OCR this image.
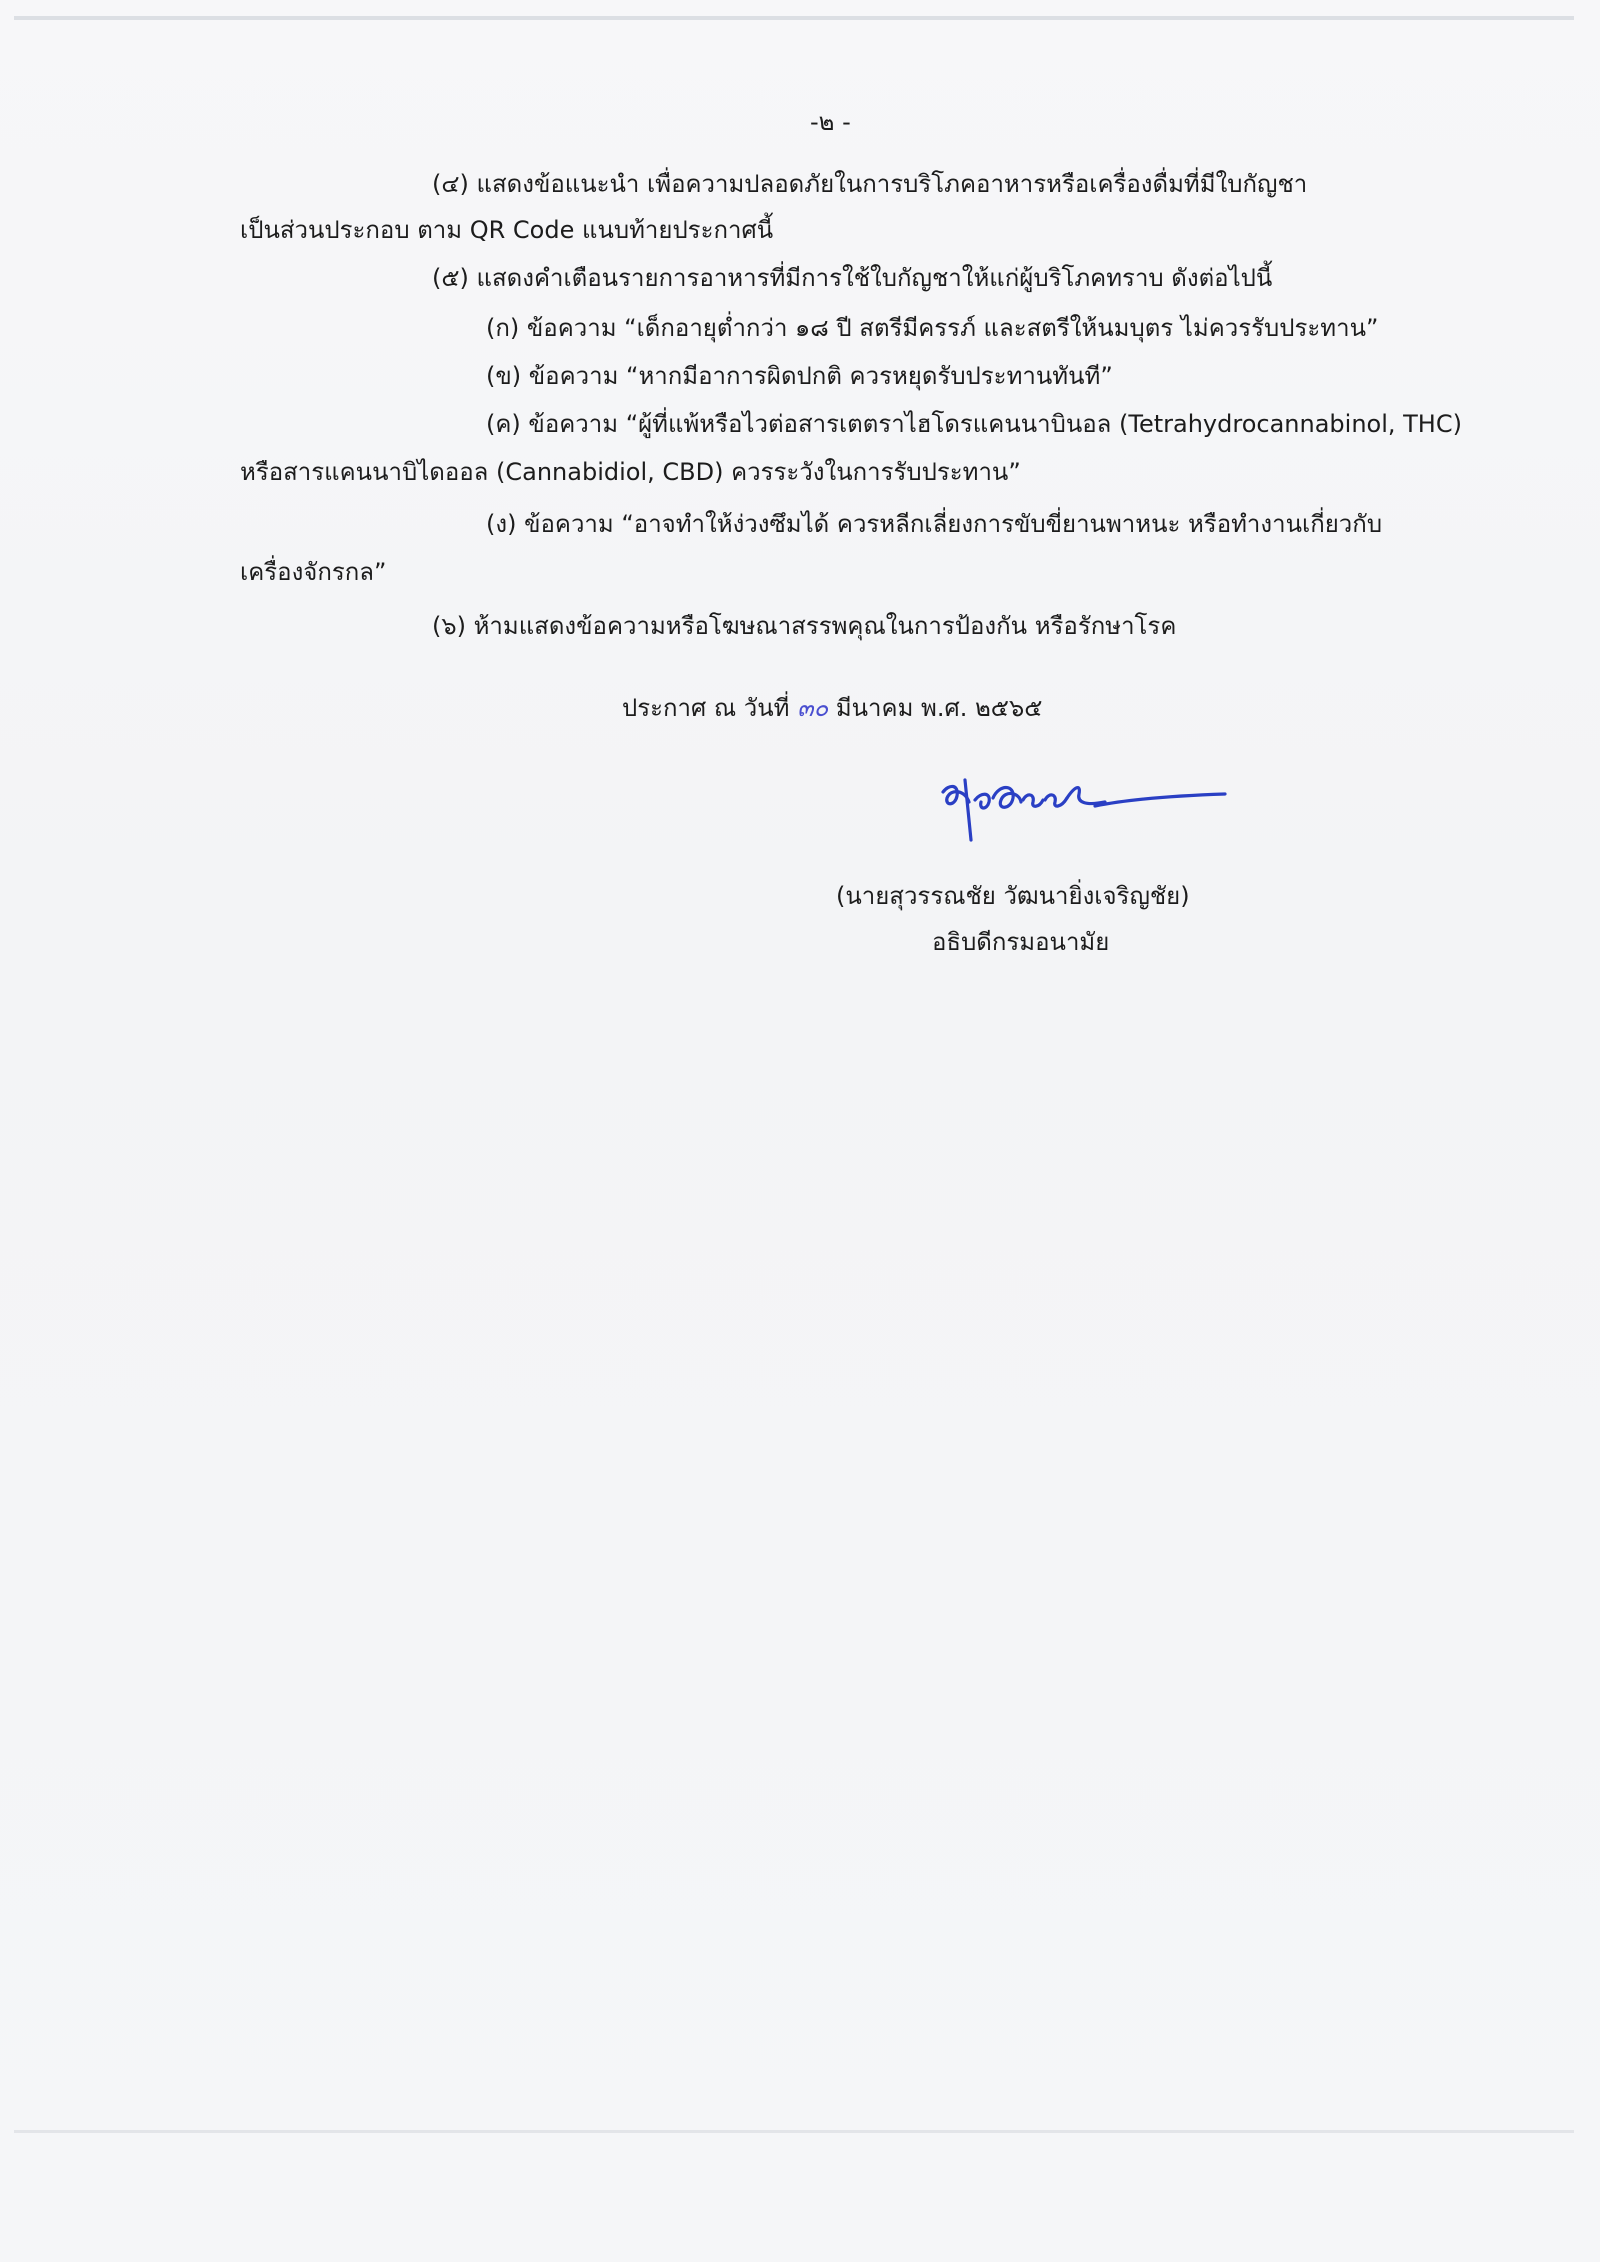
-๒ -
(๔) แสดงข้อแนะนำ เพื่อความปลอดภัยในการบริโภคอาหารหรือเครื่องดื่มที่มีใบกัญชา
เป็นส่วนประกอบ ตาม QR Code แนบท้ายประกาศนี้
(๕) แสดงคำเตือนรายการอาหารที่มีการใช้ใบกัญชาให้แก่ผู้บริโภคทราบ ดังต่อไปนี้
(ก) ข้อความ “เด็กอายุต่ำกว่า ๑๘ ปี สตรีมีครรภ์ และสตรีให้นมบุตร ไม่ควรรับประทาน”
(ข) ข้อความ “หากมีอาการผิดปกติ ควรหยุดรับประทานทันที”
(ค) ข้อความ “ผู้ที่แพ้หรือไวต่อสารเตตราไฮโดรแคนนาบินอล (Tetrahydrocannabinol, THC)
หรือสารแคนนาบิไดออล (Cannabidiol, CBD) ควรระวังในการรับประทาน”
(ง) ข้อความ “อาจทำให้ง่วงซึมได้ ควรหลีกเลี่ยงการขับขี่ยานพาหนะ หรือทำงานเกี่ยวกับ
เครื่องจักรกล”
(๖) ห้ามแสดงข้อความหรือโฆษณาสรรพคุณในการป้องกัน หรือรักษาโรค
ประกาศ ณ วันที่ ๓๐ มีนาคม พ.ศ. ๒๕๖๕
(นายสุวรรณชัย วัฒนายิ่งเจริญชัย)
อธิบดีกรมอนามัย
